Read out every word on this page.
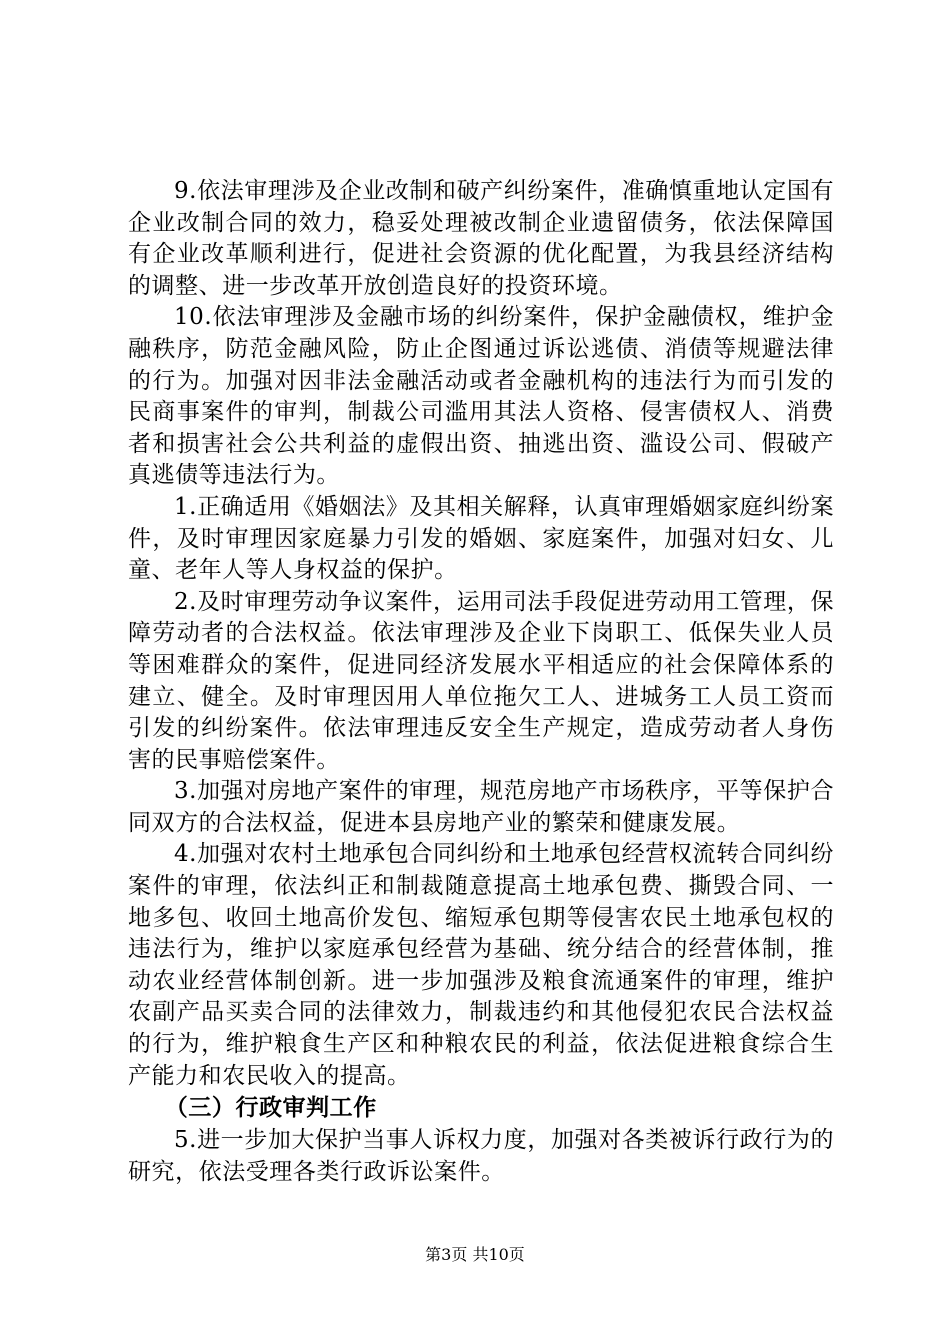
9.依法审理涉及企业改制和破产纠纷案件，准确慎重地认定国有企业改制合同的效力，稳妥处理被改制企业遗留债务，依法保障国有企业改革顺利进行，促进社会资源的优化配置，为我县经济结构的调整、进一步改革开放创造良好的投资环境。

10.依法审理涉及金融市场的纠纷案件，保护金融债权，维护金融秩序，防范金融风险，防止企图通过诉讼逃债、消债等规避法律的行为。加强对因非法金融活动或者金融机构的违法行为而引发的民商事案件的审判，制裁公司滥用其法人资格、侵害债权人、消费者和损害社会公共利益的虚假出资、抽逃出资、滥设公司、假破产真逃债等违法行为。

1.正确适用《婚姻法》及其相关解释，认真审理婚姻家庭纠纷案件，及时审理因家庭暴力引发的婚姻、家庭案件，加强对妇女、儿童、老年人等人身权益的保护。

2.及时审理劳动争议案件，运用司法手段促进劳动用工管理，保障劳动者的合法权益。依法审理涉及企业下岗职工、低保失业人员等困难群众的案件，促进同经济发展水平相适应的社会保障体系的建立、健全。及时审理因用人单位拖欠工人、进城务工人员工资而引发的纠纷案件。依法审理违反安全生产规定，造成劳动者人身伤害的民事赔偿案件。

3.加强对房地产案件的审理，规范房地产市场秩序，平等保护合同双方的合法权益，促进本县房地产业的繁荣和健康发展。

4.加强对农村土地承包合同纠纷和土地承包经营权流转合同纠纷案件的审理，依法纠正和制裁随意提高土地承包费、撕毁合同、一地多包、收回土地高价发包、缩短承包期等侵害农民土地承包权的违法行为，维护以家庭承包经营为基础、统分结合的经营体制，推动农业经营体制创新。进一步加强涉及粮食流通案件的审理，维护农副产品买卖合同的法律效力，制裁违约和其他侵犯农民合法权益的行为，维护粮食生产区和种粮农民的利益，依法促进粮食综合生产能力和农民收入的提高。

（三）行政审判工作

5.进一步加大保护当事人诉权力度，加强对各类被诉行政行为的研究，依法受理各类行政诉讼案件。

第3页 共10页
